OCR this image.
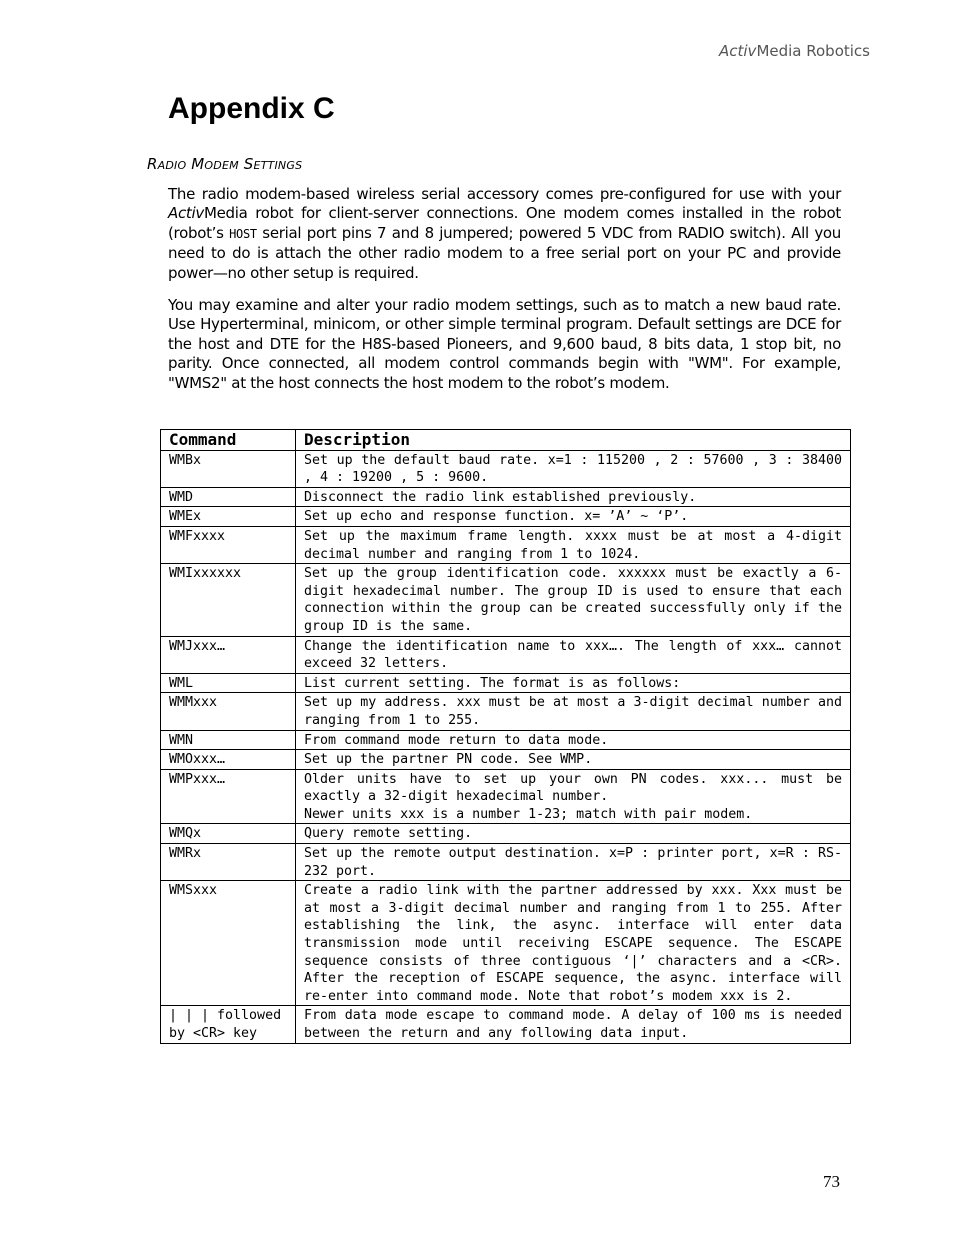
ActivMedia Robotics
Appendix C
Radio Modem Settings

The radio modem-based wireless serial accessory comes pre-configured for use with your ActivMedia robot for client-server connections. One modem comes installed in the robot (robot’s HOST serial port pins 7 and 8 jumpered; powered 5 VDC from RADIO switch). All you need to do is attach the other radio modem to a free serial port on your PC and provide power—no other setup is required.

You may examine and alter your radio modem settings, such as to match a new baud rate. Use Hyperterminal, minicom, or other simple terminal program. Default settings are DCE for the host and DTE for the H8S-based Pioneers, and 9,600 baud, 8 bits data, 1 stop bit, no parity. Once connected, all modem control commands begin with "WM". For example, "WMS2" at the host connects the host modem to the robot’s modem.

Command	Description
WMBx	Set up the default baud rate. x=1 : 115200 , 2 : 57600 , 3 : 38400 , 4 : 19200 , 5 : 9600.
WMD	Disconnect the radio link established previously.
WMEx	Set up echo and response function. x= ’A’ ~ ‘P’.
WMFxxxx	Set up the maximum frame length. xxxx must be at most a 4-digit decimal number and ranging from 1 to 1024.
WMIxxxxxx	Set up the group identification code. xxxxxx must be exactly a 6-digit hexadecimal number. The group ID is used to ensure that each connection within the group can be created successfully only if the group ID is the same.
WMJxxx…	Change the identification name to xxx…. The length of xxx… cannot exceed 32 letters.
WML	List current setting. The format is as follows:
WMMxxx	Set up my address. xxx must be at most a 3-digit decimal number and ranging from 1 to 255.
WMN	From command mode return to data mode.
WMOxxx…	Set up the partner PN code. See WMP.
WMPxxx…	Older units have to set up your own PN codes. xxx... must be exactly a 32-digit hexadecimal number.
Newer units xxx is a number 1-23; match with pair modem.

WMQx	Query remote setting.
WMRx	Set up the remote output destination. x=P : printer port, x=R : RS-232 port.
WMSxxx	Create a radio link with the partner addressed by xxx. Xxx must be at most a 3-digit decimal number and ranging from 1 to 255. After establishing the link, the async. interface will enter data transmission mode until receiving ESCAPE sequence. The ESCAPE sequence consists of three contiguous ‘|’ characters and a <CR>. After the reception of ESCAPE sequence, the async. interface will re-enter into command mode. Note that robot’s modem xxx is 2.
| | | followed by <CR> key	From data mode escape to command mode. A delay of 100 ms is needed between the return and any following data input.
73
